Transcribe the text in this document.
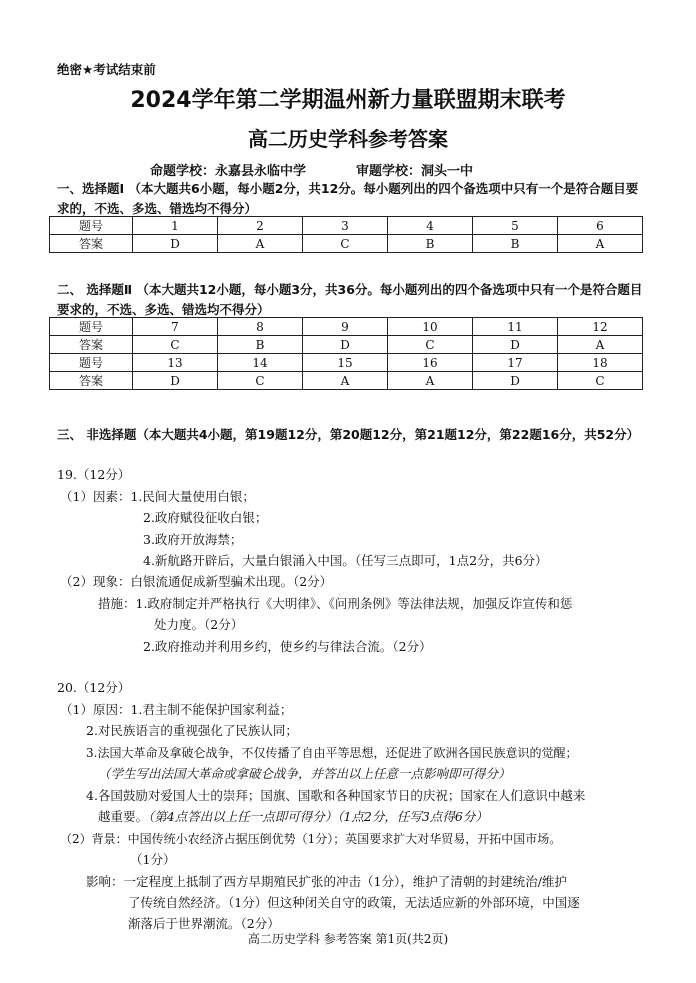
绝密★考试结束前
2024学年第二学期温州新力量联盟期末联考
高二历史学科参考答案
命题学校：永嘉县永临中学	审题学校：洞头一中
一、选择题Ⅰ （本大题共6小题，每小题2分，共12分。每小题列出的四个备选项中只有一个是符合题目要求的，不选、多选、错选均不得分）
题号	1	2	3	4	5	6
答案	D	A	C	B	B	A
二、 选择题Ⅱ （本大题共12小题，每小题3分，共36分。每小题列出的四个备选项中只有一个是符合题目要求的，不选、多选、错选均不得分）
题号	7	8	9	10	11	12
答案	C	B	D	C	D	A
题号	13	14	15	16	17	18
答案	D	C	A	A	D	C
三、 非选择题（本大题共4小题，第19题12分，第20题12分，第21题12分，第22题16分，共52分）
19.（12分）
（1）因素：1.民间大量使用白银；
2.政府赋役征收白银；
3.政府开放海禁；
4.新航路开辟后，大量白银涌入中国。（任写三点即可，1点2分，共6分）
（2）现象：白银流通促成新型骗术出现。（2分）
措施：1.政府制定并严格执行《大明律》、《问刑条例》等法律法规，加强反诈宣传和惩
处力度。（2分）
2.政府推动并利用乡约，使乡约与律法合流。（2分）
20.（12分）
（1）原因：1.君主制不能保护国家利益；
2.对民族语言的重视强化了民族认同；
3.法国大革命及拿破仑战争，不仅传播了自由平等思想，还促进了欧洲各国民族意识的觉醒；
（学生写出法国大革命或拿破仑战争，并答出以上任意一点影响即可得分）
4.各国鼓励对爱国人士的崇拜；国旗、国歌和各种国家节日的庆祝；国家在人们意识中越来
越重要。（第4点答出以上任一点即可得分）（1点2分，任写3点得6分）
（2）背景：中国传统小农经济占据压倒优势（1分）；英国要求扩大对华贸易，开拓中国市场。
（1分）
影响：一定程度上抵制了西方早期殖民扩张的冲击（1分），维护了清朝的封建统治/维护
了传统自然经济。（1分）但这种闭关自守的政策，无法适应新的外部环境，中国逐
渐落后于世界潮流。（2分）
高二历史学科 参考答案 第1页(共2页)
